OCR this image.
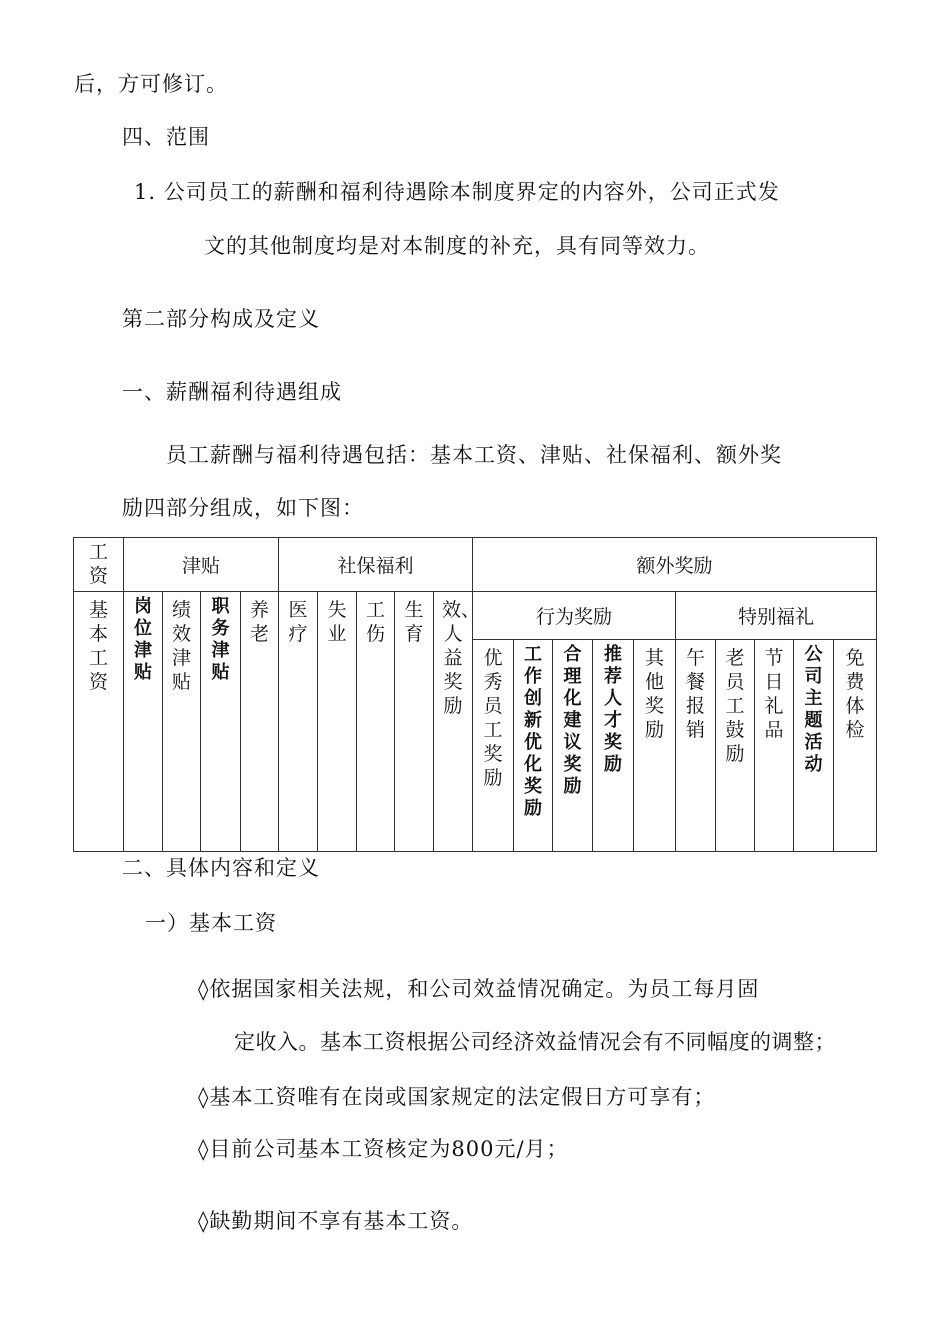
后，方可修订。
四、范围
1. 公司员工的薪酬和福利待遇除本制度界定的内容外，公司正式发
文的其他制度均是对本制度的补充，具有同等效力。
第二部分构成及定义
一、薪酬福利待遇组成
员工薪酬与福利待遇包括：基本工资、津贴、社保福利、额外奖
励四部分组成，如下图：
工资	津贴				社保福利					额外奖励									

基本工资	岗位津贴	绩效津贴	职务津贴	养老	医疗	失业	工伤	生育	效、人益奖励	行为奖励					特别福礼				

										优秀员工奖励	工作创新优化奖励	合理化建议奖励	推荐人才奖励	其他奖励	午餐报销	老员工鼓励	节日礼品	公司主题活动	免费体检
二、具体内容和定义
一）基本工资
◊依据国家相关法规，和公司效益情况确定。为员工每月固
定收入。基本工资根据公司经济效益情况会有不同幅度的调整；
◊基本工资唯有在岗或国家规定的法定假日方可享有；
◊目前公司基本工资核定为800元/月；
◊缺勤期间不享有基本工资。
